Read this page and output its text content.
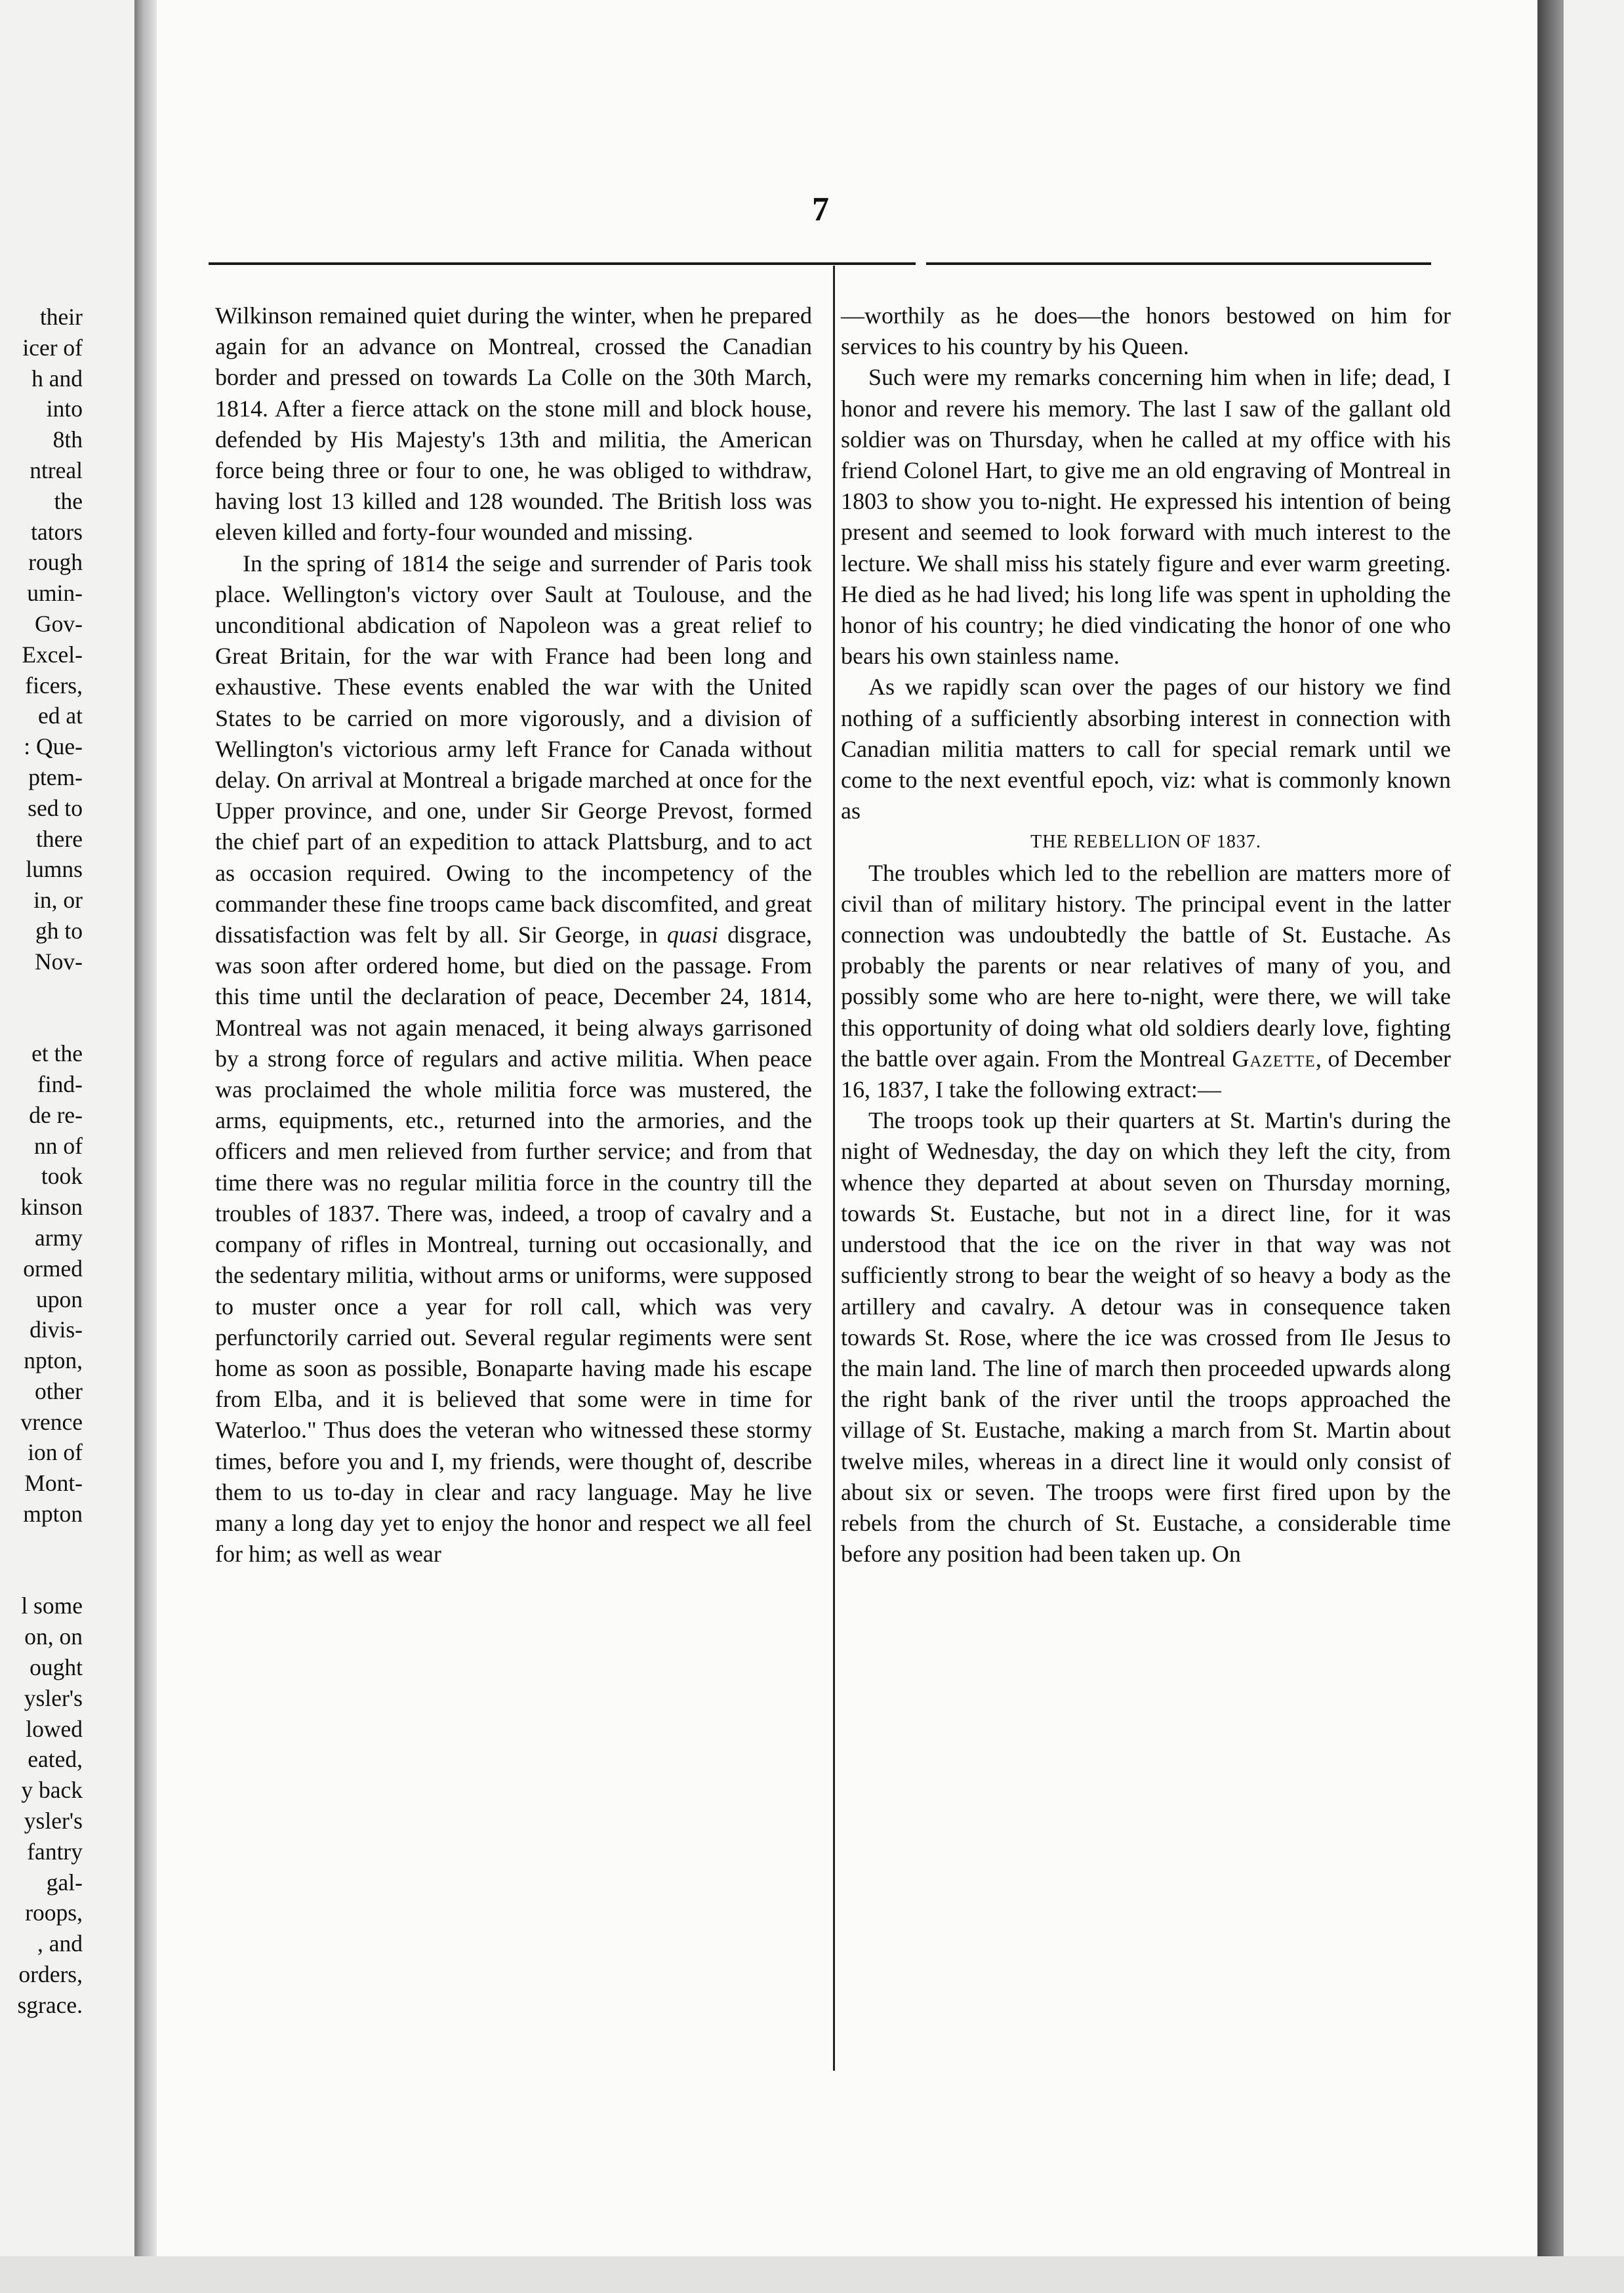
their
icer of
h and
into
8th
ntreal
the
tators
rough
umin-
Gov-
Excel-
ficers,
ed at
: Que-
ptem-
sed to
there
lumns
in, or
gh to
Nov-
et the
find-
de re-
nn of
took
kinson
army
ormed
upon
divis-
npton,
other
vrence
ion of
Mont-
mpton
l some
on, on
ought
ysler's
lowed
eated,
y back
ysler's
fantry
gal-
roops,
, and
orders,
sgrace.
7

Wilkinson remained quiet during the winter, when he prepared again for an advance on Montreal, crossed the Canadian border and pressed on towards La Colle on the 30th March, 1814. After a fierce attack on the stone mill and block house, defended by His Majesty's 13th and militia, the American force being three or four to one, he was obliged to withdraw, having lost 13 killed and 128 wounded. The British loss was eleven killed and forty-four wounded and missing.

In the spring of 1814 the seige and surrender of Paris took place. Wellington's victory over Sault at Toulouse, and the unconditional abdication of Napoleon was a great relief to Great Britain, for the war with France had been long and exhaustive. These events enabled the war with the United States to be carried on more vigorously, and a division of Wellington's victorious army left France for Canada without delay. On arrival at Montreal a brigade marched at once for the Upper province, and one, under Sir George Prevost, formed the chief part of an expedition to attack Plattsburg, and to act as occasion required. Owing to the incompetency of the commander these fine troops came back discomfited, and great dissatisfaction was felt by all. Sir George, in quasi disgrace, was soon after ordered home, but died on the passage. From this time until the declaration of peace, December 24, 1814, Montreal was not again menaced, it being always garrisoned by a strong force of regulars and active militia. When peace was proclaimed the whole militia force was mustered, the arms, equipments, etc., returned into the armories, and the officers and men relieved from further service; and from that time there was no regular militia force in the country till the troubles of 1837. There was, indeed, a troop of cavalry and a company of rifles in Montreal, turning out occasionally, and the sedentary militia, without arms or uniforms, were supposed to muster once a year for roll call, which was very perfunctorily carried out. Several regular regiments were sent home as soon as possible, Bonaparte having made his escape from Elba, and it is believed that some were in time for Waterloo." Thus does the veteran who witnessed these stormy times, before you and I, my friends, were thought of, describe them to us to-day in clear and racy language. May he live many a long day yet to enjoy the honor and respect we all feel for him; as well as wear

—worthily as he does—the honors bestowed on him for services to his country by his Queen.

Such were my remarks concerning him when in life; dead, I honor and revere his memory. The last I saw of the gallant old soldier was on Thursday, when he called at my office with his friend Colonel Hart, to give me an old engraving of Montreal in 1803 to show you to-night. He expressed his intention of being present and seemed to look forward with much interest to the lecture. We shall miss his stately figure and ever warm greeting. He died as he had lived; his long life was spent in upholding the honor of his country; he died vindicating the honor of one who bears his own stainless name.

As we rapidly scan over the pages of our history we find nothing of a sufficiently absorbing interest in connection with Canadian militia matters to call for special remark until we come to the next eventful epoch, viz: what is commonly known as

THE REBELLION OF 1837.

The troubles which led to the rebellion are matters more of civil than of military history. The principal event in the latter connection was undoubtedly the battle of St. Eustache. As probably the parents or near relatives of many of you, and possibly some who are here to-night, were there, we will take this opportunity of doing what old soldiers dearly love, fighting the battle over again. From the Montreal Gazette, of December 16, 1837, I take the following extract:—

The troops took up their quarters at St. Martin's during the night of Wednesday, the day on which they left the city, from whence they departed at about seven on Thursday morning, towards St. Eustache, but not in a direct line, for it was understood that the ice on the river in that way was not sufficiently strong to bear the weight of so heavy a body as the artillery and cavalry. A detour was in consequence taken towards St. Rose, where the ice was crossed from Ile Jesus to the main land. The line of march then proceeded upwards along the right bank of the river until the troops approached the village of St. Eustache, making a march from St. Martin about twelve miles, whereas in a direct line it would only consist of about six or seven. The troops were first fired upon by the rebels from the church of St. Eustache, a considerable time before any position had been taken up. On
